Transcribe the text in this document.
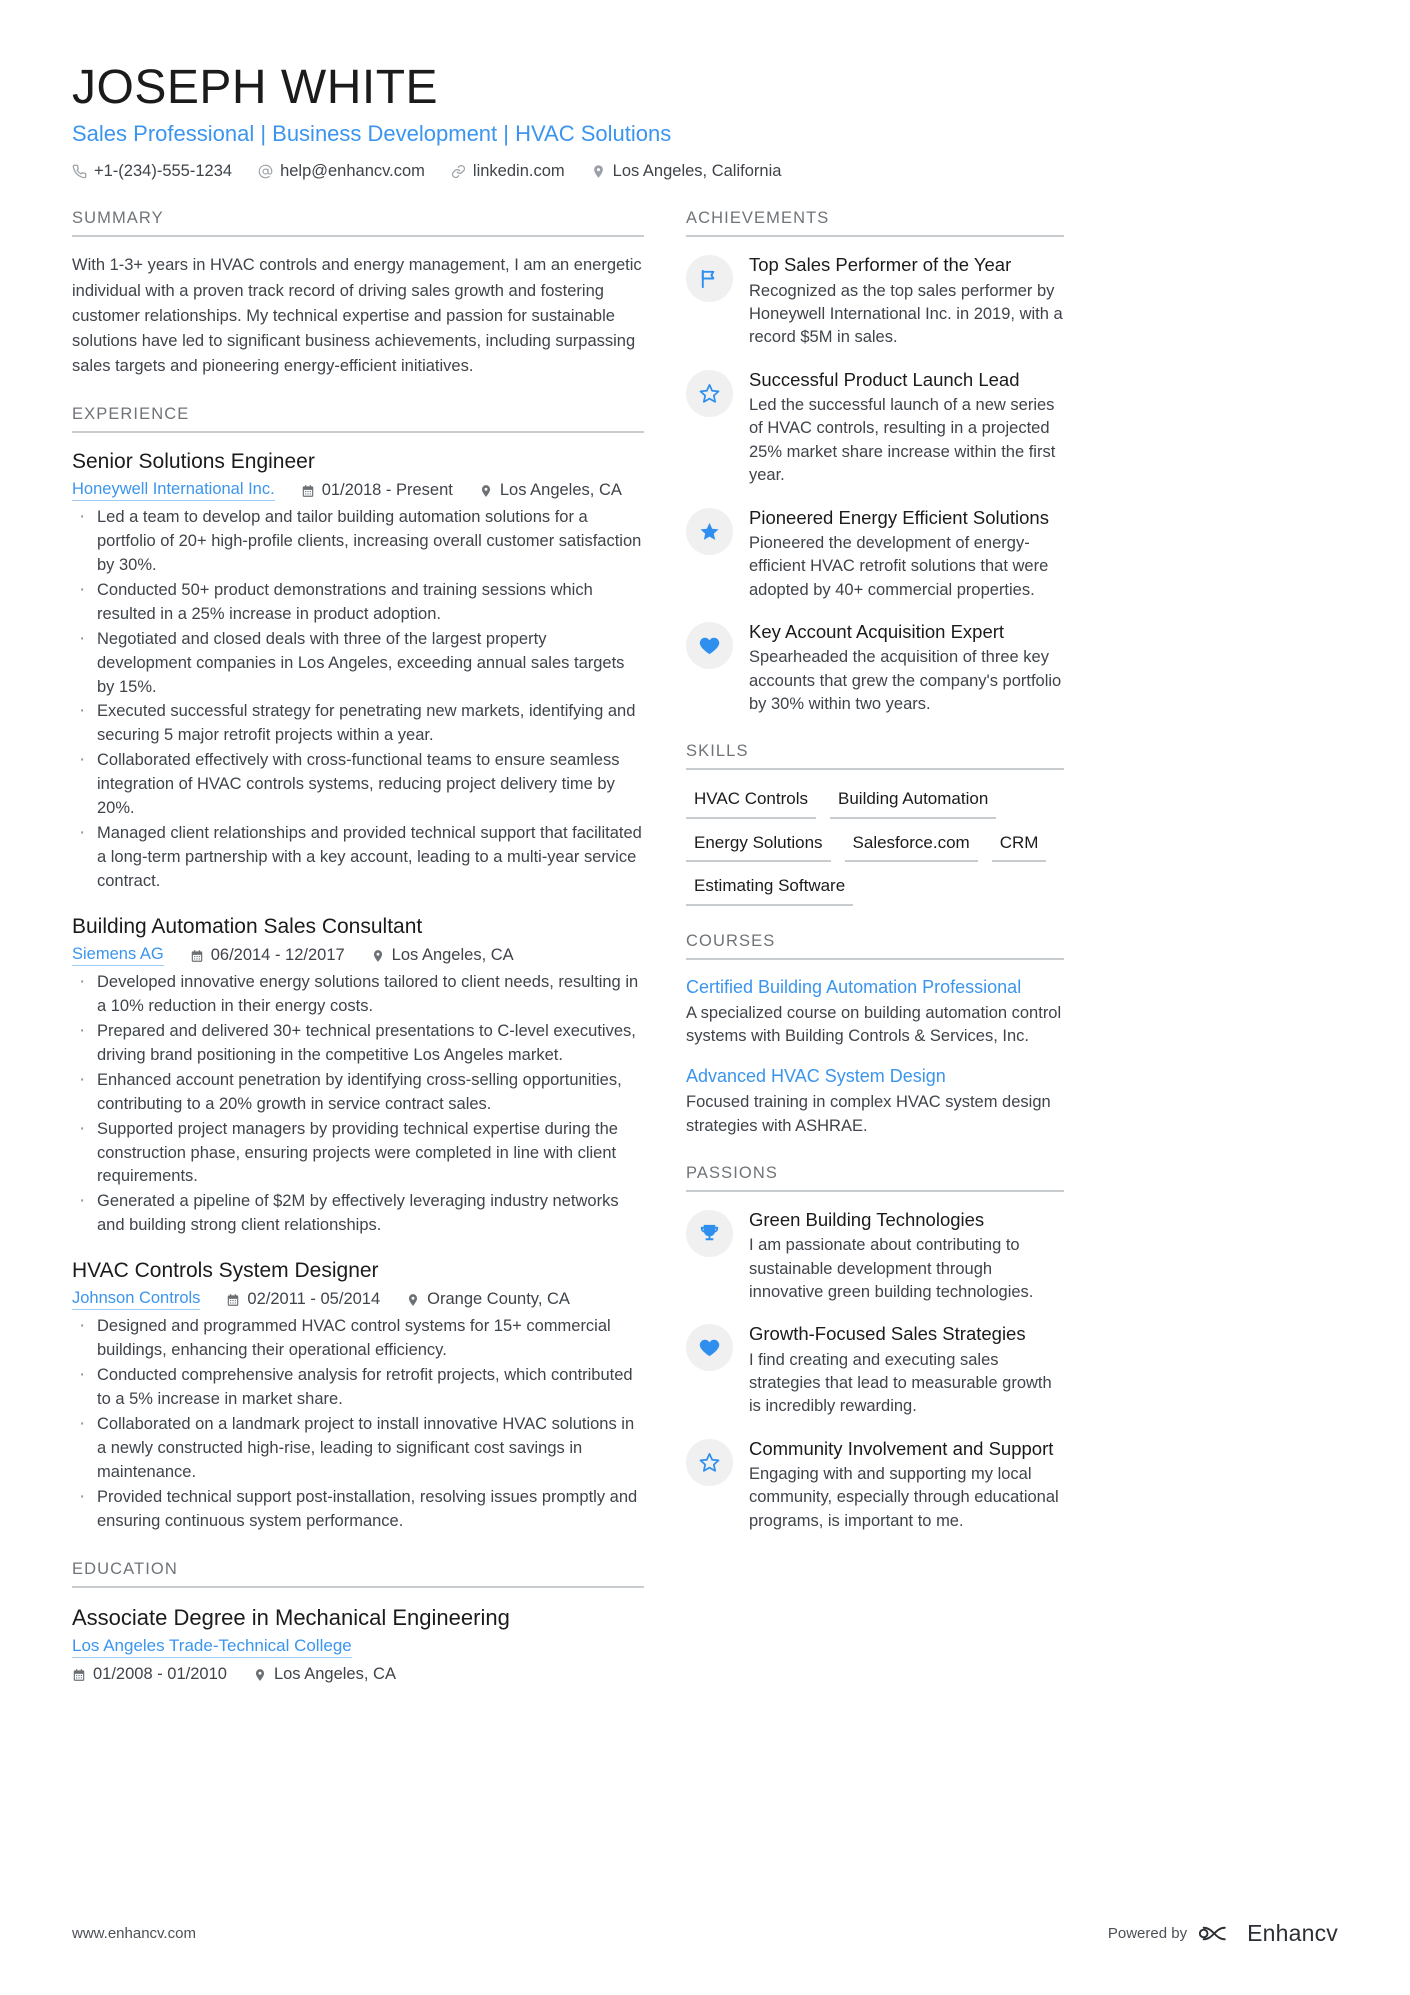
JOSEPH WHITE
Sales Professional | Business Development | HVAC Solutions
+1-(234)-555-1234	help@enhancv.com	linkedin.com	Los Angeles, California
SUMMARY
With 1-3+ years in HVAC controls and energy management, I am an energetic individual with a proven track record of driving sales growth and fostering customer relationships. My technical expertise and passion for sustainable solutions have led to significant business achievements, including surpassing sales targets and pioneering energy-efficient initiatives.
EXPERIENCE
Senior Solutions Engineer
Honeywell International Inc.	01/2018 - Present	Los Angeles, CA
· Led a team to develop and tailor building automation solutions for a portfolio of 20+ high-profile clients, increasing overall customer satisfaction by 30%.
· Conducted 50+ product demonstrations and training sessions which resulted in a 25% increase in product adoption.
· Negotiated and closed deals with three of the largest property development companies in Los Angeles, exceeding annual sales targets by 15%.
· Executed successful strategy for penetrating new markets, identifying and securing 5 major retrofit projects within a year.
· Collaborated effectively with cross-functional teams to ensure seamless integration of HVAC controls systems, reducing project delivery time by 20%.
· Managed client relationships and provided technical support that facilitated a long-term partnership with a key account, leading to a multi-year service contract.
Building Automation Sales Consultant
Siemens AG	06/2014 - 12/2017	Los Angeles, CA
· Developed innovative energy solutions tailored to client needs, resulting in a 10% reduction in their energy costs.
· Prepared and delivered 30+ technical presentations to C-level executives, driving brand positioning in the competitive Los Angeles market.
· Enhanced account penetration by identifying cross-selling opportunities, contributing to a 20% growth in service contract sales.
· Supported project managers by providing technical expertise during the construction phase, ensuring projects were completed in line with client requirements.
· Generated a pipeline of $2M by effectively leveraging industry networks and building strong client relationships.
HVAC Controls System Designer
Johnson Controls	02/2011 - 05/2014	Orange County, CA
· Designed and programmed HVAC control systems for 15+ commercial buildings, enhancing their operational efficiency.
· Conducted comprehensive analysis for retrofit projects, which contributed to a 5% increase in market share.
· Collaborated on a landmark project to install innovative HVAC solutions in a newly constructed high-rise, leading to significant cost savings in maintenance.
· Provided technical support post-installation, resolving issues promptly and ensuring continuous system performance.
EDUCATION
Associate Degree in Mechanical Engineering
Los Angeles Trade-Technical College
01/2008 - 01/2010	Los Angeles, CA
ACHIEVEMENTS
Top Sales Performer of the Year
Recognized as the top sales performer by Honeywell International Inc. in 2019, with a record $5M in sales.
Successful Product Launch Lead
Led the successful launch of a new series of HVAC controls, resulting in a projected 25% market share increase within the first year.
Pioneered Energy Efficient Solutions
Pioneered the development of energy-efficient HVAC retrofit solutions that were adopted by 40+ commercial properties.
Key Account Acquisition Expert
Spearheaded the acquisition of three key accounts that grew the company's portfolio by 30% within two years.
SKILLS
HVAC Controls	Building Automation
Energy Solutions	Salesforce.com	CRM
Estimating Software
COURSES
Certified Building Automation Professional
A specialized course on building automation control systems with Building Controls & Services, Inc.
Advanced HVAC System Design
Focused training in complex HVAC system design strategies with ASHRAE.
PASSIONS
Green Building Technologies
I am passionate about contributing to sustainable development through innovative green building technologies.
Growth-Focused Sales Strategies
I find creating and executing sales strategies that lead to measurable growth is incredibly rewarding.
Community Involvement and Support
Engaging with and supporting my local community, especially through educational programs, is important to me.
www.enhancv.com	Powered by	Enhancv
